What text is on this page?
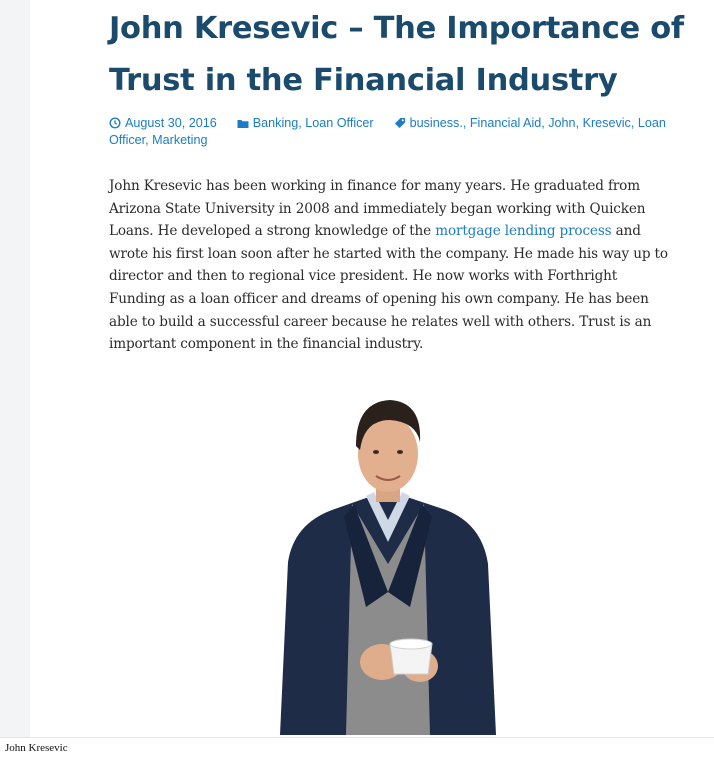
John Kresevic – The Importance of Trust in the Financial Industry
August 30, 2016	Banking, Loan Officer	business., Financial Aid, John, Kresevic, Loan Officer, Marketing

John Kresevic has been working in finance for many years. He graduated from Arizona State University in 2008 and immediately began working with Quicken Loans. He developed a strong knowledge of the mortgage lending process and wrote his first loan soon after he started with the company. He made his way up to director and then to regional vice president. He now works with Forthright Funding as a loan officer and dreams of opening his own company. He has been able to build a successful career because he relates well with others. Trust is an important component in the financial industry.

John Kresevic
